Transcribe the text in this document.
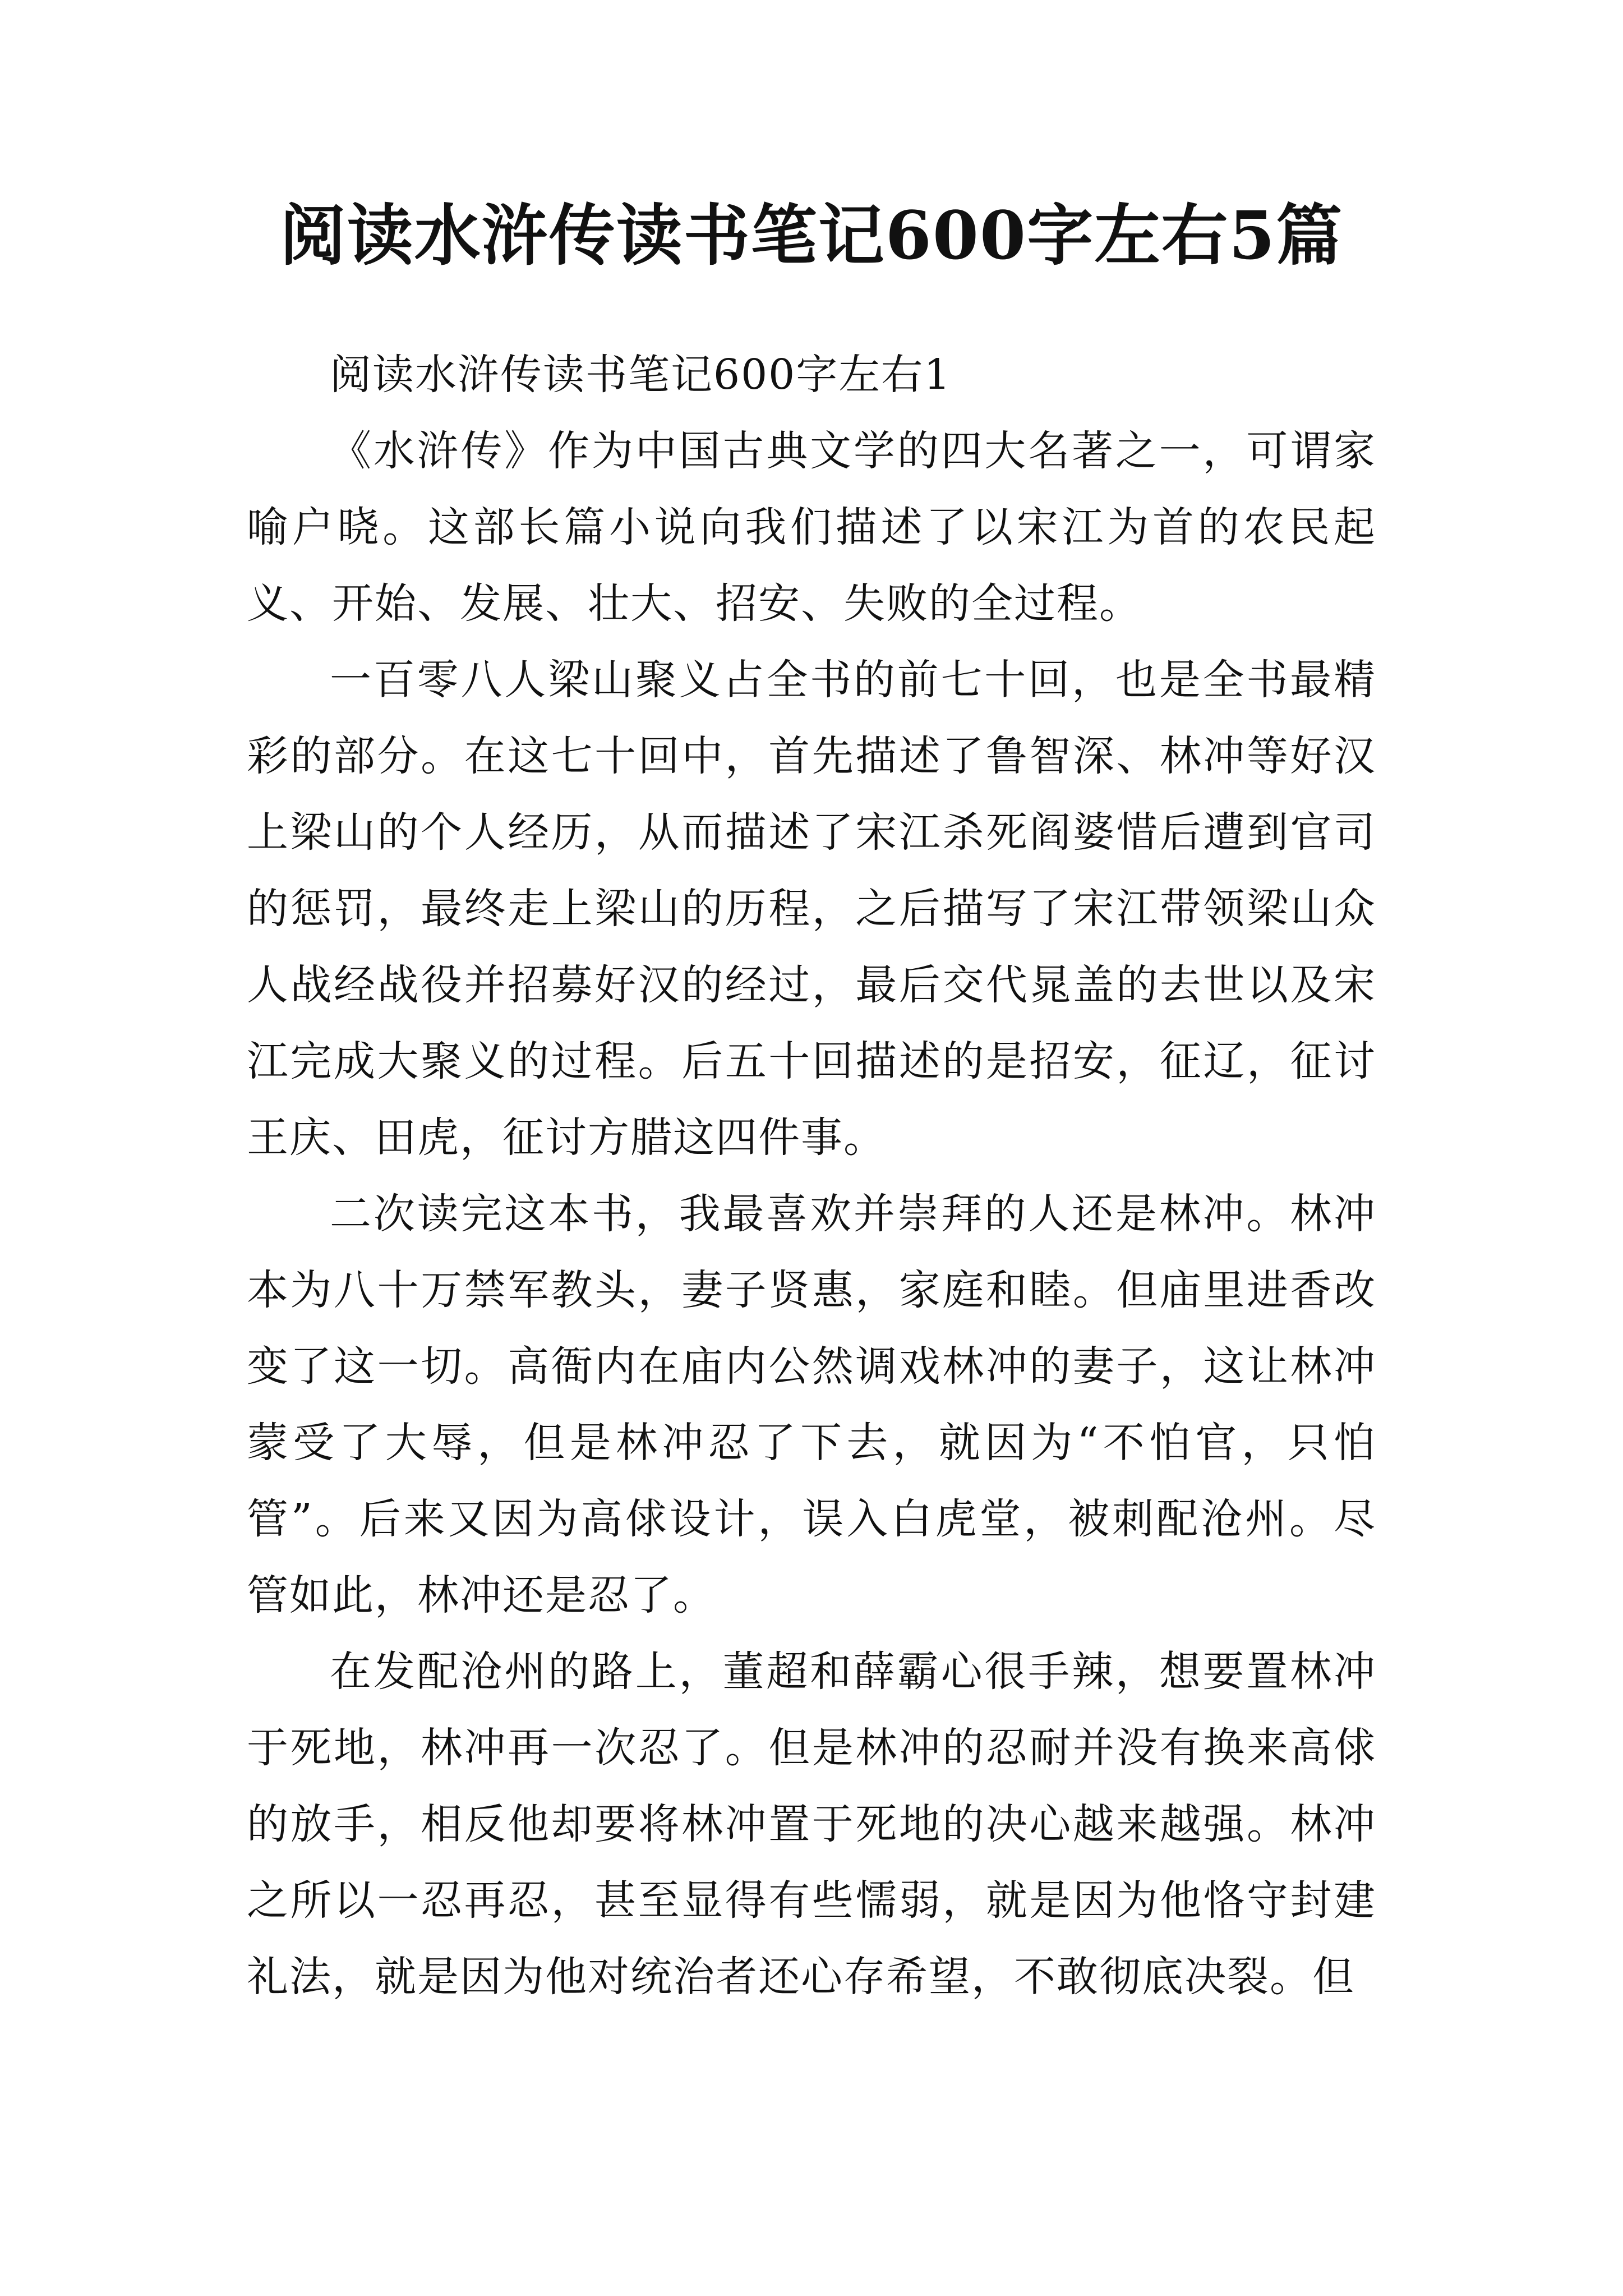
阅读水浒传读书笔记600字左右5篇

阅读水浒传读书笔记600字左右1

《水浒传》作为中国古典文学的四大名著之一，可谓家喻户晓。这部长篇小说向我们描述了以宋江为首的农民起义、开始、发展、壮大、招安、失败的全过程。

一百零八人梁山聚义占全书的前七十回，也是全书最精彩的部分。在这七十回中，首先描述了鲁智深、林冲等好汉上梁山的个人经历，从而描述了宋江杀死阎婆惜后遭到官司的惩罚，最终走上梁山的历程，之后描写了宋江带领梁山众人战经战役并招募好汉的经过，最后交代晁盖的去世以及宋江完成大聚义的过程。后五十回描述的是招安，征辽，征讨王庆、田虎，征讨方腊这四件事。

二次读完这本书，我最喜欢并崇拜的人还是林冲。林冲本为八十万禁军教头，妻子贤惠，家庭和睦。但庙里进香改变了这一切。高衙内在庙内公然调戏林冲的妻子，这让林冲蒙受了大辱，但是林冲忍了下去，就因为“不怕官，只怕管”。后来又因为高俅设计，误入白虎堂，被刺配沧州。尽管如此，林冲还是忍了。

在发配沧州的路上，董超和薛霸心很手辣，想要置林冲于死地，林冲再一次忍了。但是林冲的忍耐并没有换来高俅的放手，相反他却要将林冲置于死地的决心越来越强。林冲之所以一忍再忍，甚至显得有些懦弱，就是因为他恪守封建礼法，就是因为他对统治者还心存希望，不敢彻底决裂。但
